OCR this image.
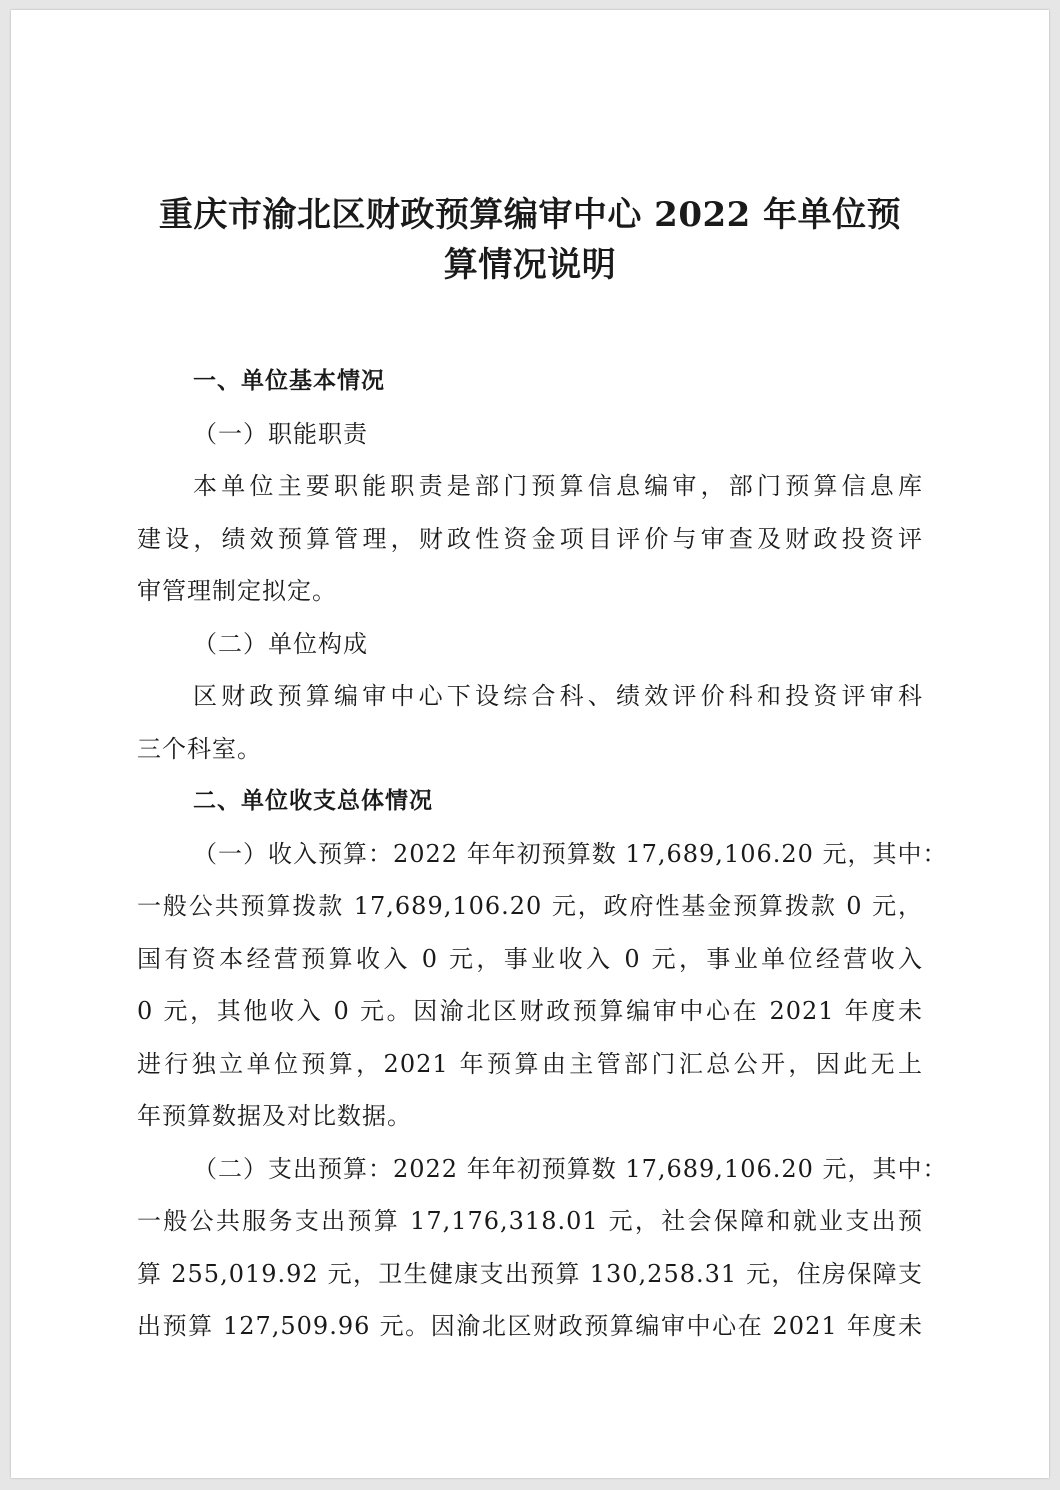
重庆市渝北区财政预算编审中心 2022 年单位预
算情况说明
一、单位基本情况
（一）职能职责
本单位主要职能职责是部门预算信息编审，部门预算信息库
建设，绩效预算管理，财政性资金项目评价与审查及财政投资评
审管理制定拟定。
（二）单位构成
区财政预算编审中心下设综合科、绩效评价科和投资评审科
三个科室。
二、单位收支总体情况
（一）收入预算：2022 年年初预算数 17,689,106.20 元，其中：
一般公共预算拨款 17,689,106.20 元，政府性基金预算拨款 0 元，
国有资本经营预算收入 0 元，事业收入 0 元，事业单位经营收入
0 元，其他收入 0 元。因渝北区财政预算编审中心在 2021 年度未
进行独立单位预算，2021 年预算由主管部门汇总公开，因此无上
年预算数据及对比数据。
（二）支出预算：2022 年年初预算数 17,689,106.20 元，其中：
一般公共服务支出预算 17,176,318.01 元，社会保障和就业支出预
算 255,019.92 元，卫生健康支出预算 130,258.31 元，住房保障支
出预算 127,509.96 元。因渝北区财政预算编审中心在 2021 年度未
